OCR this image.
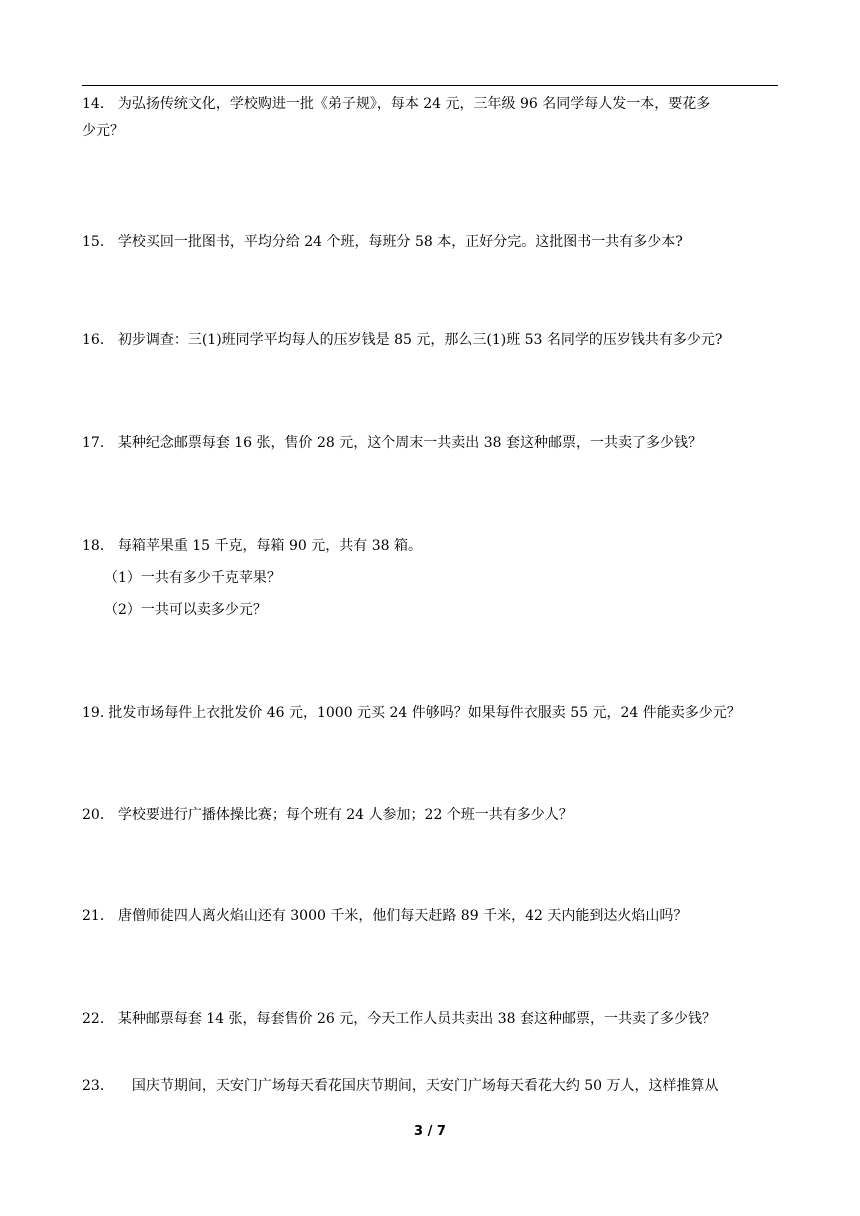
14． 为弘扬传统文化，学校购进一批《弟子规》，每本 24 元，三年级 96 名同学每人发一本，要花多
少元？
15． 学校买回一批图书，平均分给 24 个班，每班分 58 本，正好分完。这批图书一共有多少本?
16． 初步调查：三(1)班同学平均每人的压岁钱是 85 元，那么三(1)班 53 名同学的压岁钱共有多少元?
17． 某种纪念邮票每套 16 张，售价 28 元，这个周末一共卖出 38 套这种邮票，一共卖了多少钱？
18． 每箱苹果重 15 千克，每箱 90 元，共有 38 箱。
（1）一共有多少千克苹果？
（2）一共可以卖多少元？
19. 批发市场每件上衣批发价 46 元，1000 元买 24 件够吗？如果每件衣服卖 55 元，24 件能卖多少元？
20． 学校要进行广播体操比赛；每个班有 24 人参加；22 个班一共有多少人？
21． 唐僧师徒四人离火焰山还有 3000 千米，他们每天赶路 89 千米，42 天内能到达火焰山吗？
22． 某种邮票每套 14 张，每套售价 26 元，今天工作人员共卖出 38 套这种邮票，一共卖了多少钱？
23． 国庆节期间，天安门广场每天看花国庆节期间，天安门广场每天看花大约 50 万人，这样推算从
3 / 7
